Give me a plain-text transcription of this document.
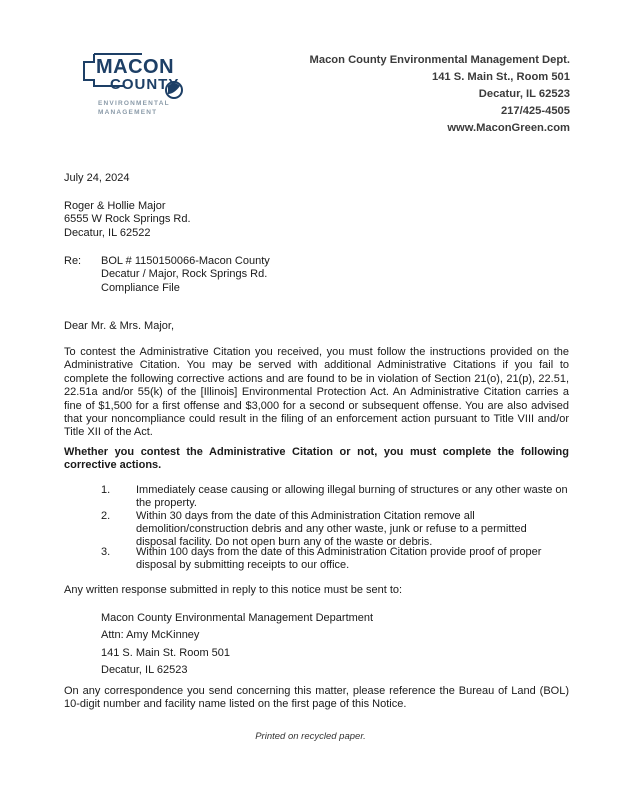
MACON
COUNTY
ENVIRONMENTAL
MANAGEMENT
Macon County Environmental Management Dept.
141 S. Main St., Room 501
Decatur, IL 62523
217/425-4505
www.MaconGreen.com
July 24, 2024
Roger & Hollie Major
6555 W Rock Springs Rd.
Decatur, IL 62522
Re: BOL # 1150150066-Macon County
Decatur / Major, Rock Springs Rd.
Compliance File
Dear Mr. & Mrs. Major,
To contest the Administrative Citation you received, you must follow the instructions provided on the Administrative Citation. You may be served with additional Administrative Citations if you fail to complete the following corrective actions and are found to be in violation of Section 21(o), 21(p), 22.51, 22.51a and/or 55(k) of the [Illinois] Environmental Protection Act. An Administrative Citation carries a fine of $1,500 for a first offense and $3,000 for a second or subsequent offense. You are also advised that your noncompliance could result in the filing of an enforcement action pursuant to Title VIII and/or Title XII of the Act.
Whether you contest the Administrative Citation or not, you must complete the following corrective actions.
1.	Immediately cease causing or allowing illegal burning of structures or any other waste on the property.
2.	Within 30 days from the date of this Administration Citation remove all demolition/construction debris and any other waste, junk or refuse to a permitted disposal facility. Do not open burn any of the waste or debris.
3.	Within 100 days from the date of this Administration Citation provide proof of proper disposal by submitting receipts to our office.
Any written response submitted in reply to this notice must be sent to:
Macon County Environmental Management Department
Attn: Amy McKinney
141 S. Main St. Room 501
Decatur, IL 62523
On any correspondence you send concerning this matter, please reference the Bureau of Land (BOL) 10-digit number and facility name listed on the first page of this Notice.
Printed on recycled paper.
